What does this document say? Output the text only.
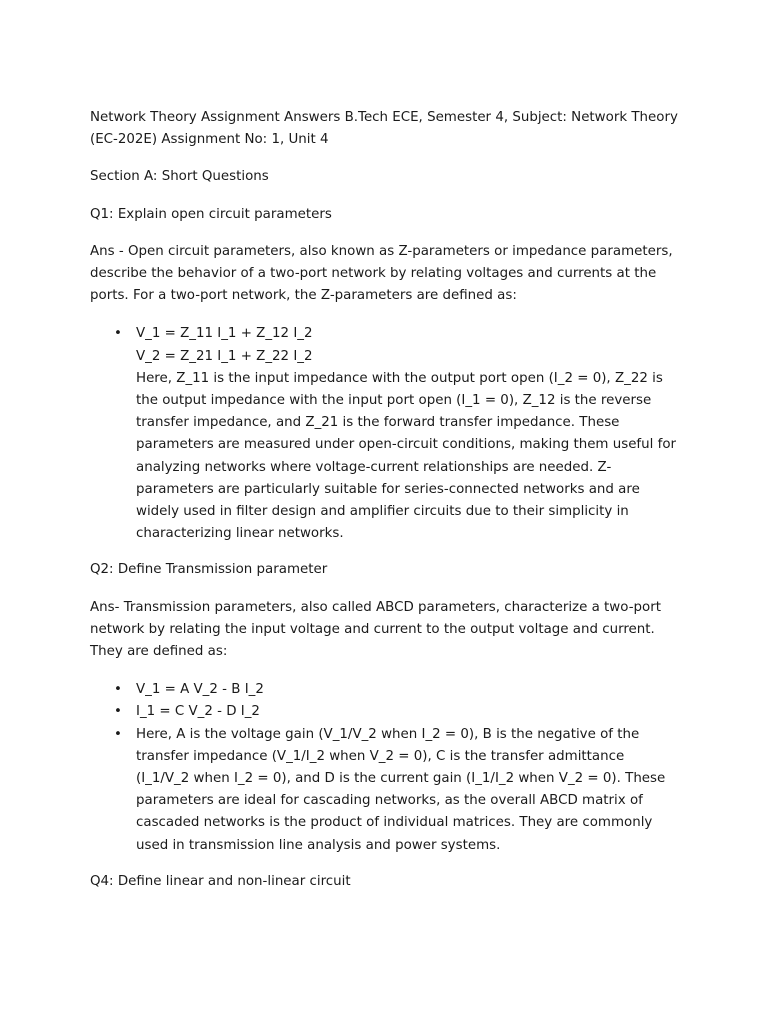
Network Theory Assignment Answers B.Tech ECE, Semester 4, Subject: Network Theory (EC-202E) Assignment No: 1, Unit 4

Section A: Short Questions

Q1: Explain open circuit parameters

Ans - Open circuit parameters, also known as Z-parameters or impedance parameters, describe the behavior of a two-port network by relating voltages and currents at the ports. For a two-port network, the Z-parameters are defined as:

• V_1 = Z_11 I_1 + Z_12 I_2
V_2 = Z_21 I_1 + Z_22 I_2
Here, Z_11 is the input impedance with the output port open (I_2 = 0), Z_22 is the output impedance with the input port open (I_1 = 0), Z_12 is the reverse transfer impedance, and Z_21 is the forward transfer impedance. These parameters are measured under open-circuit conditions, making them useful for analyzing networks where voltage-current relationships are needed. Z-parameters are particularly suitable for series-connected networks and are widely used in filter design and amplifier circuits due to their simplicity in characterizing linear networks.

Q2: Define Transmission parameter

Ans- Transmission parameters, also called ABCD parameters, characterize a two-port network by relating the input voltage and current to the output voltage and current. They are defined as:

• V_1 = A V_2 - B I_2
• I_1 = C V_2 - D I_2
• Here, A is the voltage gain (V_1/V_2 when I_2 = 0), B is the negative of the transfer impedance (V_1/I_2 when V_2 = 0), C is the transfer admittance (I_1/V_2 when I_2 = 0), and D is the current gain (I_1/I_2 when V_2 = 0). These parameters are ideal for cascading networks, as the overall ABCD matrix of cascaded networks is the product of individual matrices. They are commonly used in transmission line analysis and power systems.

Q4: Define linear and non-linear circuit
